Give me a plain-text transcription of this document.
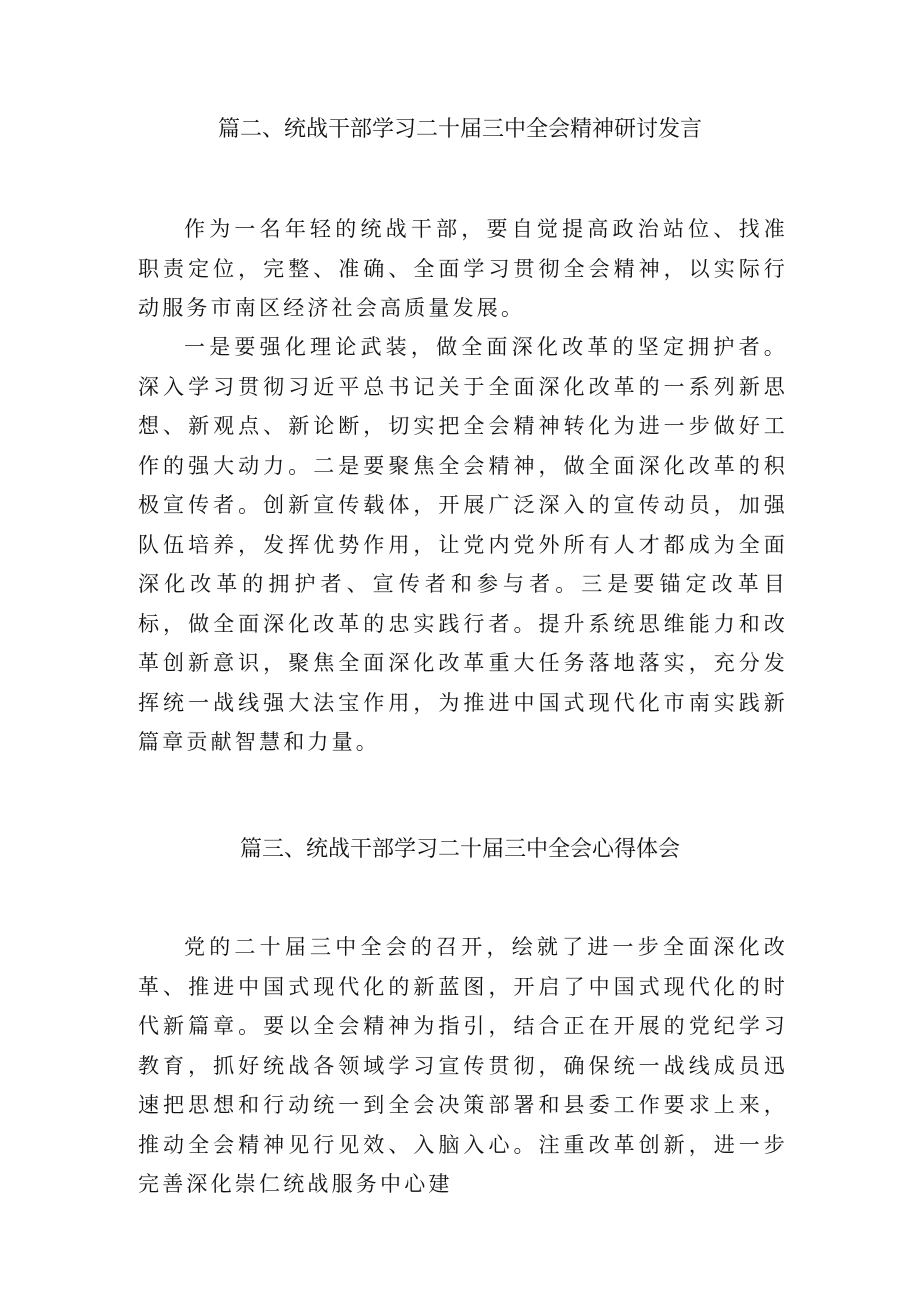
篇二、统战干部学习二十届三中全会精神研讨发言

作为一名年轻的统战干部，要自觉提高政治站位、找准职责定位，完整、准确、全面学习贯彻全会精神，以实际行动服务市南区经济社会高质量发展。

一是要强化理论武装，做全面深化改革的坚定拥护者。深入学习贯彻习近平总书记关于全面深化改革的一系列新思想、新观点、新论断，切实把全会精神转化为进一步做好工作的强大动力。二是要聚焦全会精神，做全面深化改革的积极宣传者。创新宣传载体，开展广泛深入的宣传动员，加强队伍培养，发挥优势作用，让党内党外所有人才都成为全面深化改革的拥护者、宣传者和参与者。三是要锚定改革目标，做全面深化改革的忠实践行者。提升系统思维能力和改革创新意识，聚焦全面深化改革重大任务落地落实，充分发挥统一战线强大法宝作用，为推进中国式现代化市南实践新篇章贡献智慧和力量。

篇三、统战干部学习二十届三中全会心得体会

党的二十届三中全会的召开，绘就了进一步全面深化改革、推进中国式现代化的新蓝图，开启了中国式现代化的时代新篇章。要以全会精神为指引，结合正在开展的党纪学习教育，抓好统战各领域学习宣传贯彻，确保统一战线成员迅速把思想和行动统一到全会决策部署和县委工作要求上来，推动全会精神见行见效、入脑入心。注重改革创新，进一步完善深化崇仁统战服务中心建
